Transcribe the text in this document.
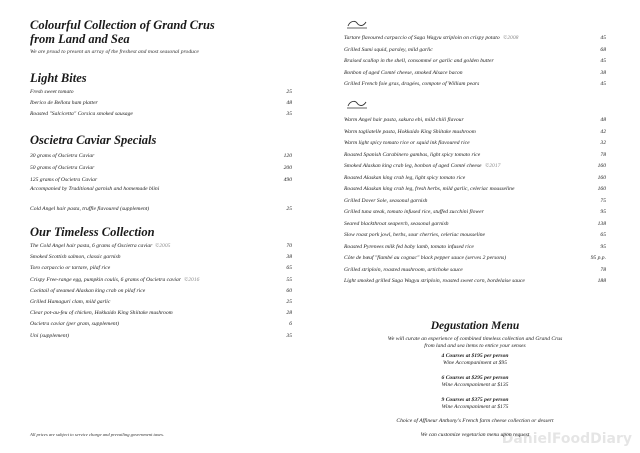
Colourful Collection of Grand Crus
from Land and Sea
We are proud to present an array of the freshest and most seasonal produce
Light Bites
Fresh sweet tomato	25
Iberico de Bellota ham platter	48
Roasted "Salcicetta" Corsica smoked sausage	35
Oscietra Caviar Specials
30 grams of Oscietra Caviar	120
50 grams of Oscietra Caviar	200
125 grams of Oscietra Caviar	490
Accompanied by Traditional garnish and homemade blini
Cold Angel hair pasta, truffle flavoured (supplement)	25
Our Timeless Collection
The Cold Angel hair pasta, 6 grams of Oscietra caviar ©2005	70
Smoked Scottish salmon, classic garnish	38
Toro carpaccio or tartare, pilaf rice	65
Crispy Free-range egg, pumpkin coulis, 6 grams of Oscietra caviar ©2016	55
Cocktail of steamed Alaskan king crab on pilaf rice	60
Grilled Hamaguri clam, mild garlic	25
Clear pot-au-feu of chicken, Hokkaido King Shiitake mushroom	28
Oscietra caviar (per gram, supplement)	6
Uni (supplement)	35
All prices are subject to service charge and prevailing government taxes.
Tartare flavoured carpaccio of Saga Wagyu striploin on crispy potato ©2008	45
Grilled Sumi squid, parsley, mild garlic	68
Braised scallop in the shell, consommé or garlic and golden butter	45
Bonbon of aged Comté cheese, smoked Alsace bacon	38
Grilled French foie gras, dragées, compote of William pears	45
Warm Angel hair pasta, sakura ebi, mild chili flavour	48
Warm tagliatelle pasta, Hokkaido King Shiitake mushroom	42
Warm light spicy tomato rice or squid ink flavoured rice	32
Roasted Spanish Carabinero gambas, light spicy tomato rice	78
Smoked Alaskan king crab leg, bonbon of aged Comté cheese ©2017	160
Roasted Alaskan king crab leg, light spicy tomato rice	160
Roasted Alaskan king crab leg, fresh herbs, mild garlic, celeriac mousseline	160
Grilled Dover Sole, seasonal garnish	75
Grilled tuna steak, tomato infused rice, stuffed zucchini flower	95
Seared blackthroat seaperch, seasonal garnish	138
Slow roast pork jowl, herbs, sour cherries, celeriac mousseline	65
Roasted Pyrenees milk fed baby lamb, tomato infused rice	95
Côte de bœuf "flambé au cognac" black pepper sauce (serves 2 persons)	95 p.p.
Grilled striploin, roasted mushroom, artichoke sauce	78
Light smoked grilled Saga Wagyu striploin, roasted sweet corn, bordelaise sauce	188
Degustation Menu
We will curate an experience of combined timeless collection and Grand Crus
from land and sea items to entice your senses
4 Courses at $195 per person
Wine Accompaniment at $95
6 Courses at $295 per person
Wine Accompaniment at $135
9 Courses at $375 per person
Wine Accompaniment at $175
Choice of Affineur Anthony's French farm cheese collection or dessert
We can customize vegetarian menu upon request
DanielFoodDiary
